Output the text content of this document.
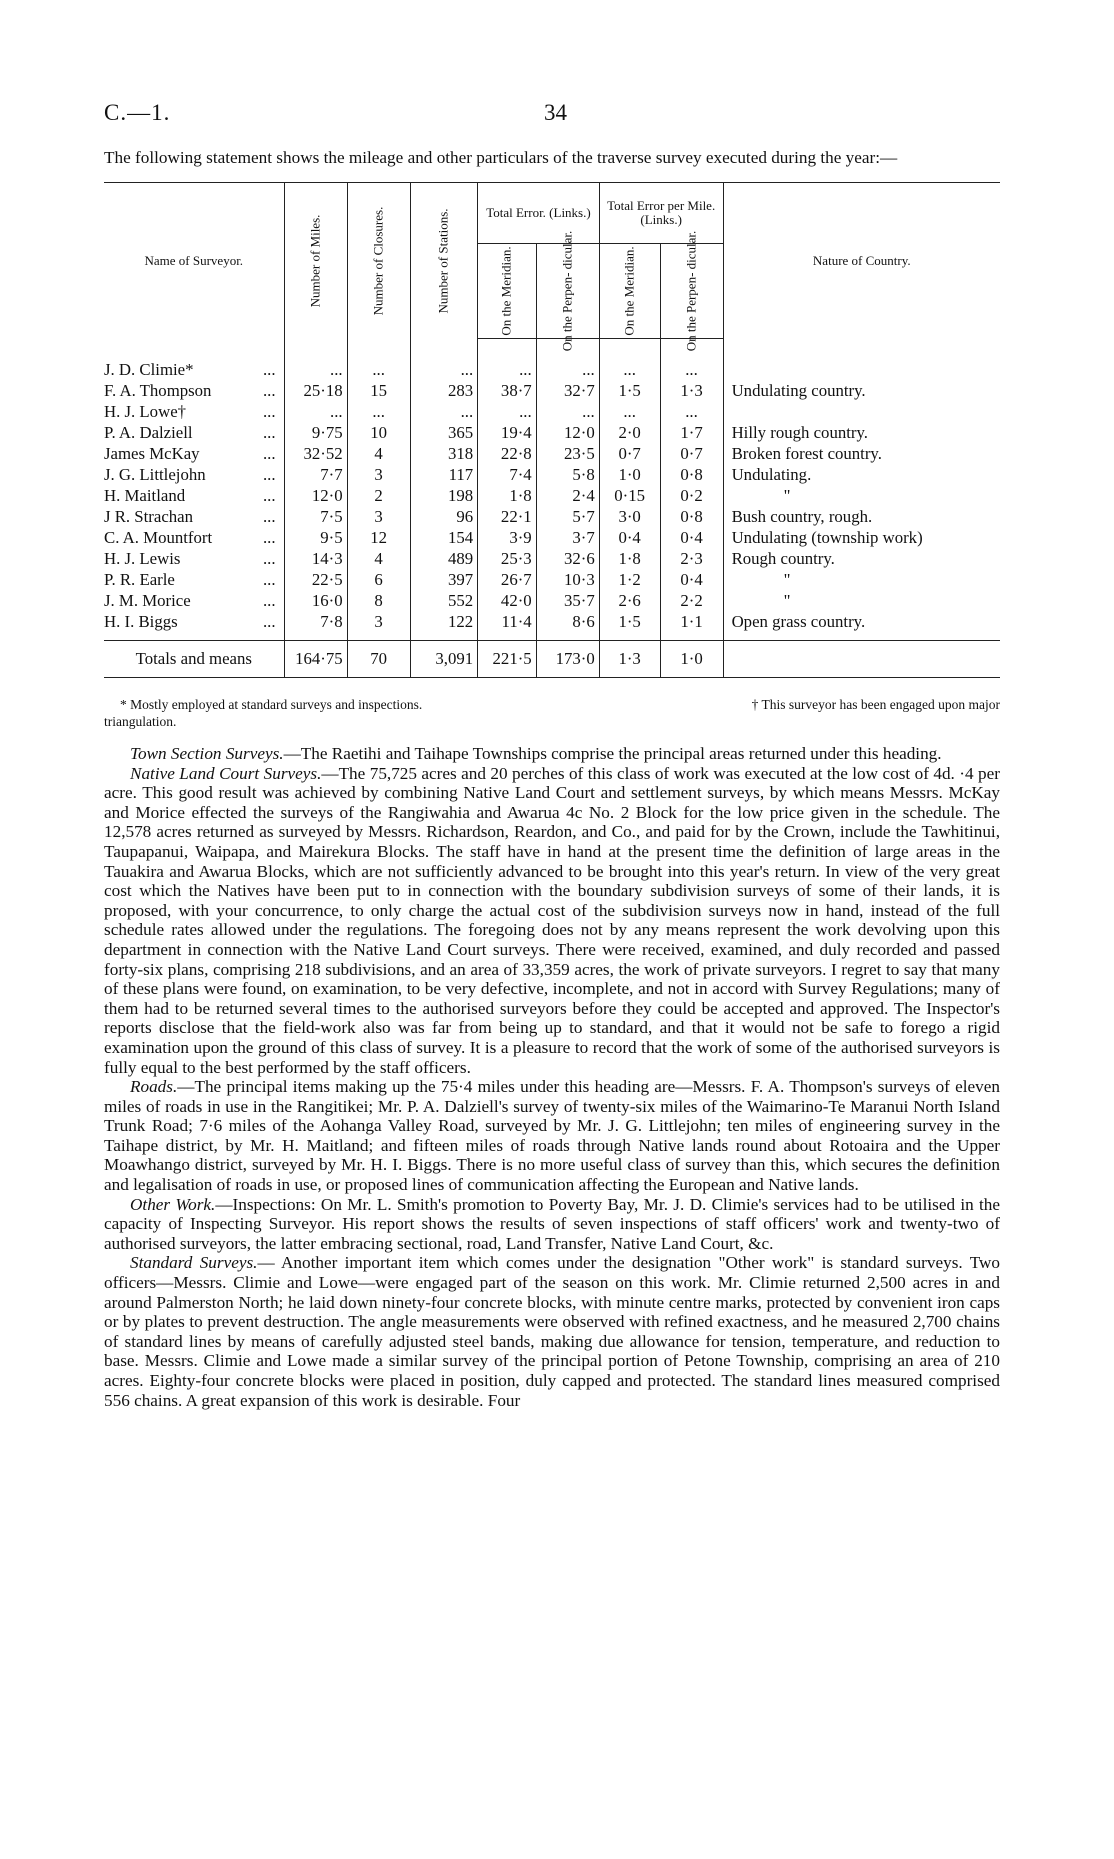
C.—1.	34

The following statement shows the mileage and other particulars of the traverse survey executed during the year:—

Name of Surveyor.	Number of Miles.	Number of Closures.	Number of Stations.	Total Error. (Links.)		Total Error per Mile. (Links.)		Nature of Country.

				On the Meridian.	On the Perpen- dicular.	On the Meridian.	On the Perpen- dicular.	

J. D. Climie* ...	...	...	...	...	...	...	...	
F. A. Thompson ...	25·18	15	283	38·7	32·7	1·5	1·3	Undulating country.
H. J. Lowe† ...	...	...	...	...	...	...	...	
P. A. Dalziell ...	9·75	10	365	19·4	12·0	2·0	1·7	Hilly rough country.
James McKay ...	32·52	4	318	22·8	23·5	0·7	0·7	Broken forest country.
J. G. Littlejohn ...	7·7	3	117	7·4	5·8	1·0	0·8	Undulating.
H. Maitland ...	12·0	2	198	1·8	2·4	0·15	0·2	"
J R. Strachan ...	7·5	3	96	22·1	5·7	3·0	0·8	Bush country, rough.
C. A. Mountfort ...	9·5	12	154	3·9	3·7	0·4	0·4	Undulating (township work)
H. J. Lewis ...	14·3	4	489	25·3	32·6	1·8	2·3	Rough country.
P. R. Earle ...	22·5	6	397	26·7	10·3	1·2	0·4	"
J. M. Morice ...	16·0	8	552	42·0	35·7	2·6	2·2	"
H. I. Biggs ...	7·8	3	122	11·4	8·6	1·5	1·1	Open grass country.
Totals and means	164·75	70	3,091	221·5	173·0	1·3	1·0	
* Mostly employed at standard surveys and inspections.	† This surveyor has been engaged upon major
triangulation.

Town Section Surveys.—The Raetihi and Taihape Townships comprise the principal areas returned under this heading.

Native Land Court Surveys.—The 75,725 acres and 20 perches of this class of work was executed at the low cost of 4d. ·4 per acre. This good result was achieved by combining Native Land Court and settlement surveys, by which means Messrs. McKay and Morice effected the surveys of the Rangiwahia and Awarua 4c No. 2 Block for the low price given in the schedule. The 12,578 acres returned as surveyed by Messrs. Richardson, Reardon, and Co., and paid for by the Crown, include the Tawhitinui, Taupapanui, Waipapa, and Mairekura Blocks. The staff have in hand at the present time the definition of large areas in the Tauakira and Awarua Blocks, which are not sufficiently advanced to be brought into this year's return. In view of the very great cost which the Natives have been put to in connection with the boundary subdivision surveys of some of their lands, it is proposed, with your concurrence, to only charge the actual cost of the subdivision surveys now in hand, instead of the full schedule rates allowed under the regulations. The foregoing does not by any means represent the work devolving upon this department in connection with the Native Land Court surveys. There were received, examined, and duly recorded and passed forty-six plans, comprising 218 subdivisions, and an area of 33,359 acres, the work of private surveyors. I regret to say that many of these plans were found, on examination, to be very defective, incomplete, and not in accord with Survey Regulations; many of them had to be returned several times to the authorised surveyors before they could be accepted and approved. The Inspector's reports disclose that the field-work also was far from being up to standard, and that it would not be safe to forego a rigid examination upon the ground of this class of survey. It is a pleasure to record that the work of some of the authorised surveyors is fully equal to the best performed by the staff officers.

Roads.—The principal items making up the 75·4 miles under this heading are—Messrs. F. A. Thompson's surveys of eleven miles of roads in use in the Rangitikei; Mr. P. A. Dalziell's survey of twenty-six miles of the Waimarino-Te Maranui North Island Trunk Road; 7·6 miles of the Aohanga Valley Road, surveyed by Mr. J. G. Littlejohn; ten miles of engineering survey in the Taihape district, by Mr. H. Maitland; and fifteen miles of roads through Native lands round about Rotoaira and the Upper Moawhango district, surveyed by Mr. H. I. Biggs. There is no more useful class of survey than this, which secures the definition and legalisation of roads in use, or proposed lines of communication affecting the European and Native lands.

Other Work.—Inspections: On Mr. L. Smith's promotion to Poverty Bay, Mr. J. D. Climie's services had to be utilised in the capacity of Inspecting Surveyor. His report shows the results of seven inspections of staff officers' work and twenty-two of authorised surveyors, the latter embracing sectional, road, Land Transfer, Native Land Court, &c.

Standard Surveys.— Another important item which comes under the designation "Other work" is standard surveys. Two officers—Messrs. Climie and Lowe—were engaged part of the season on this work. Mr. Climie returned 2,500 acres in and around Palmerston North; he laid down ninety-four concrete blocks, with minute centre marks, protected by convenient iron caps or by plates to prevent destruction. The angle measurements were observed with refined exactness, and he measured 2,700 chains of standard lines by means of carefully adjusted steel bands, making due allowance for tension, temperature, and reduction to base. Messrs. Climie and Lowe made a similar survey of the principal portion of Petone Township, comprising an area of 210 acres. Eighty-four concrete blocks were placed in position, duly capped and protected. The standard lines measured comprised 556 chains. A great expansion of this work is desirable. Four
